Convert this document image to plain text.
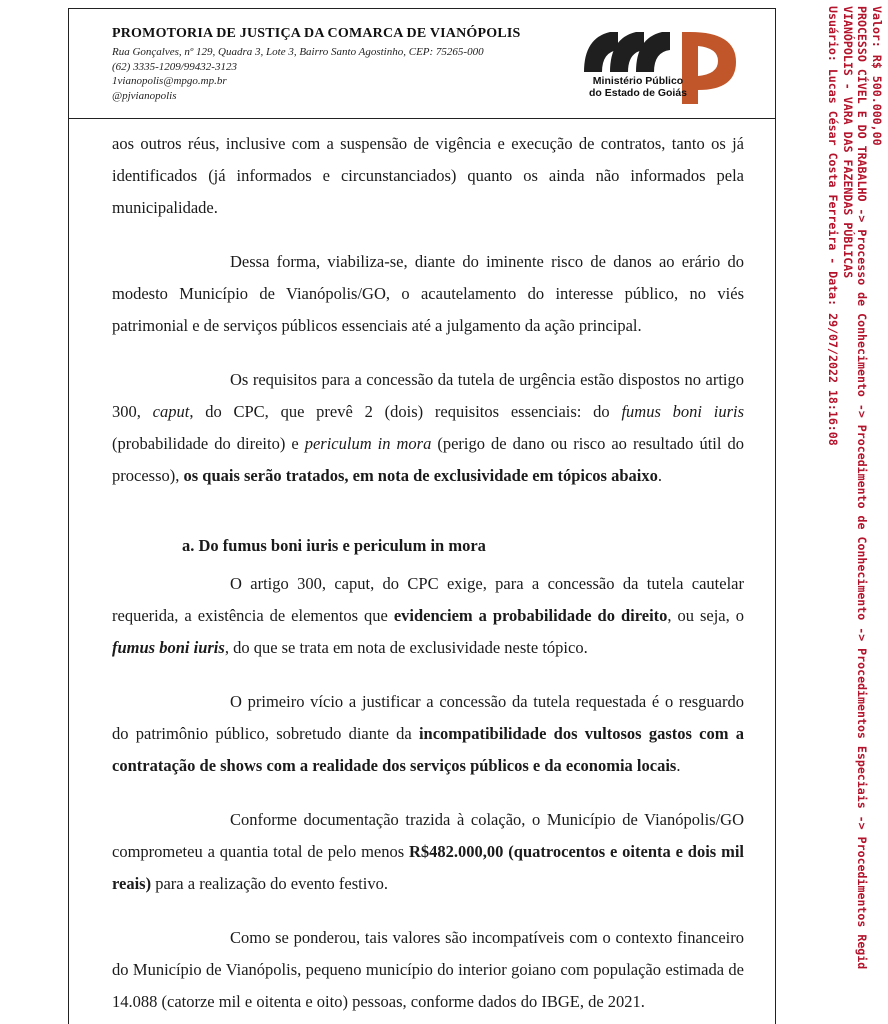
PROMOTORIA DE JUSTIÇA DA COMARCA DE VIANÓPOLIS
Rua Gonçalves, nº 129, Quadra 3, Lote 3, Bairro Santo Agostinho, CEP: 75265-000
(62) 3335-1209/99432-3123
1vianopolis@mpgo.mp.br
@pjvianopolis
Ministério Público
do Estado de Goiás

aos outros réus, inclusive com a suspensão de vigência e execução de contratos, tanto os já identificados (já informados e circunstanciados) quanto os ainda não informados pela municipalidade.

Dessa forma, viabiliza-se, diante do iminente risco de danos ao erário do modesto Município de Vianópolis/GO, o acautelamento do interesse público, no viés patrimonial e de serviços públicos essenciais até a julgamento da ação principal.

Os requisitos para a concessão da tutela de urgência estão dispostos no artigo 300, caput, do CPC, que prevê 2 (dois) requisitos essenciais: do fumus boni iuris (probabilidade do direito) e periculum in mora (perigo de dano ou risco ao resultado útil do processo), os quais serão tratados, em nota de exclusividade em tópicos abaixo.

a. Do fumus boni iuris e periculum in mora

O artigo 300, caput, do CPC exige, para a concessão da tutela cautelar requerida, a existência de elementos que evidenciem a probabilidade do direito, ou seja, o fumus boni iuris, do que se trata em nota de exclusividade neste tópico.

O primeiro vício a justificar a concessão da tutela requestada é o resguardo do patrimônio público, sobretudo diante da incompatibilidade dos vultosos gastos com a contratação de shows com a realidade dos serviços públicos e da economia locais.

Conforme documentação trazida à colação, o Município de Vianópolis/GO comprometeu a quantia total de pelo menos R$482.000,00 (quatrocentos e oitenta e dois mil reais) para a realização do evento festivo.

Como se ponderou, tais valores são incompatíveis com o contexto financeiro do Município de Vianópolis, pequeno município do interior goiano com população estimada de 14.088 (catorze mil e oitenta e oito) pessoas, conforme dados do IBGE, de 2021.

Valor: R$ 500.000,00
PROCESSO CÍVEL E DO TRABALHO -> Processo de Conhecimento -> Procedimento de Conhecimento -> Procedimentos Especiais -> Procedimentos Regid
VIANÓPOLIS - VARA DAS FAZENDAS PÚBLICAS
Usuário: Lucas César Costa Ferreira - Data: 29/07/2022 18:16:08
